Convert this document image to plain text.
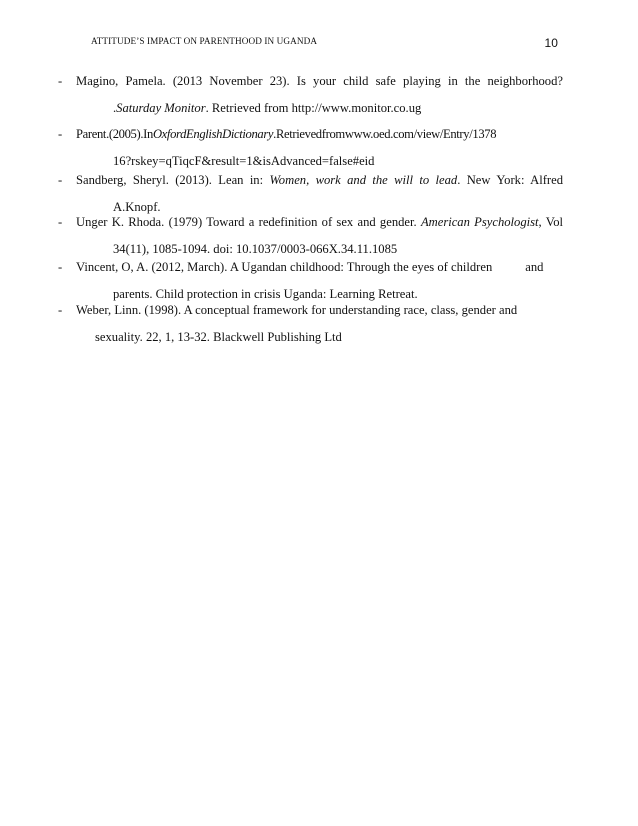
ATTITUDE’S IMPACT ON PARENTHOOD IN UGANDA	10
- Magino, Pamela. (2013 November 23). Is your child safe playing in the neighborhood?
.Saturday Monitor. Retrieved from http://www.monitor.co.ug
- Parent.(2005).InOxfordEnglishDictionary.Retrievedfromwww.oed.com/view/Entry/1378
16?rskey=qTiqcF&result=1&isAdvanced=false#eid
- Sandberg, Sheryl. (2013). Lean in: Women, work and the will to lead. New York: Alfred
A.Knopf.
- Unger K. Rhoda. (1979) Toward a redefinition of sex and gender. American Psychologist, Vol
34(11), 1085-1094. doi: 10.1037/0003-066X.34.11.1085
- Vincent, O, A. (2012, March). A Ugandan childhood: Through the eyes of children	and
parents. Child protection in crisis Uganda: Learning Retreat.
- Weber, Linn. (1998). A conceptual framework for understanding race, class, gender and
sexuality. 22, 1, 13-32. Blackwell Publishing Ltd
